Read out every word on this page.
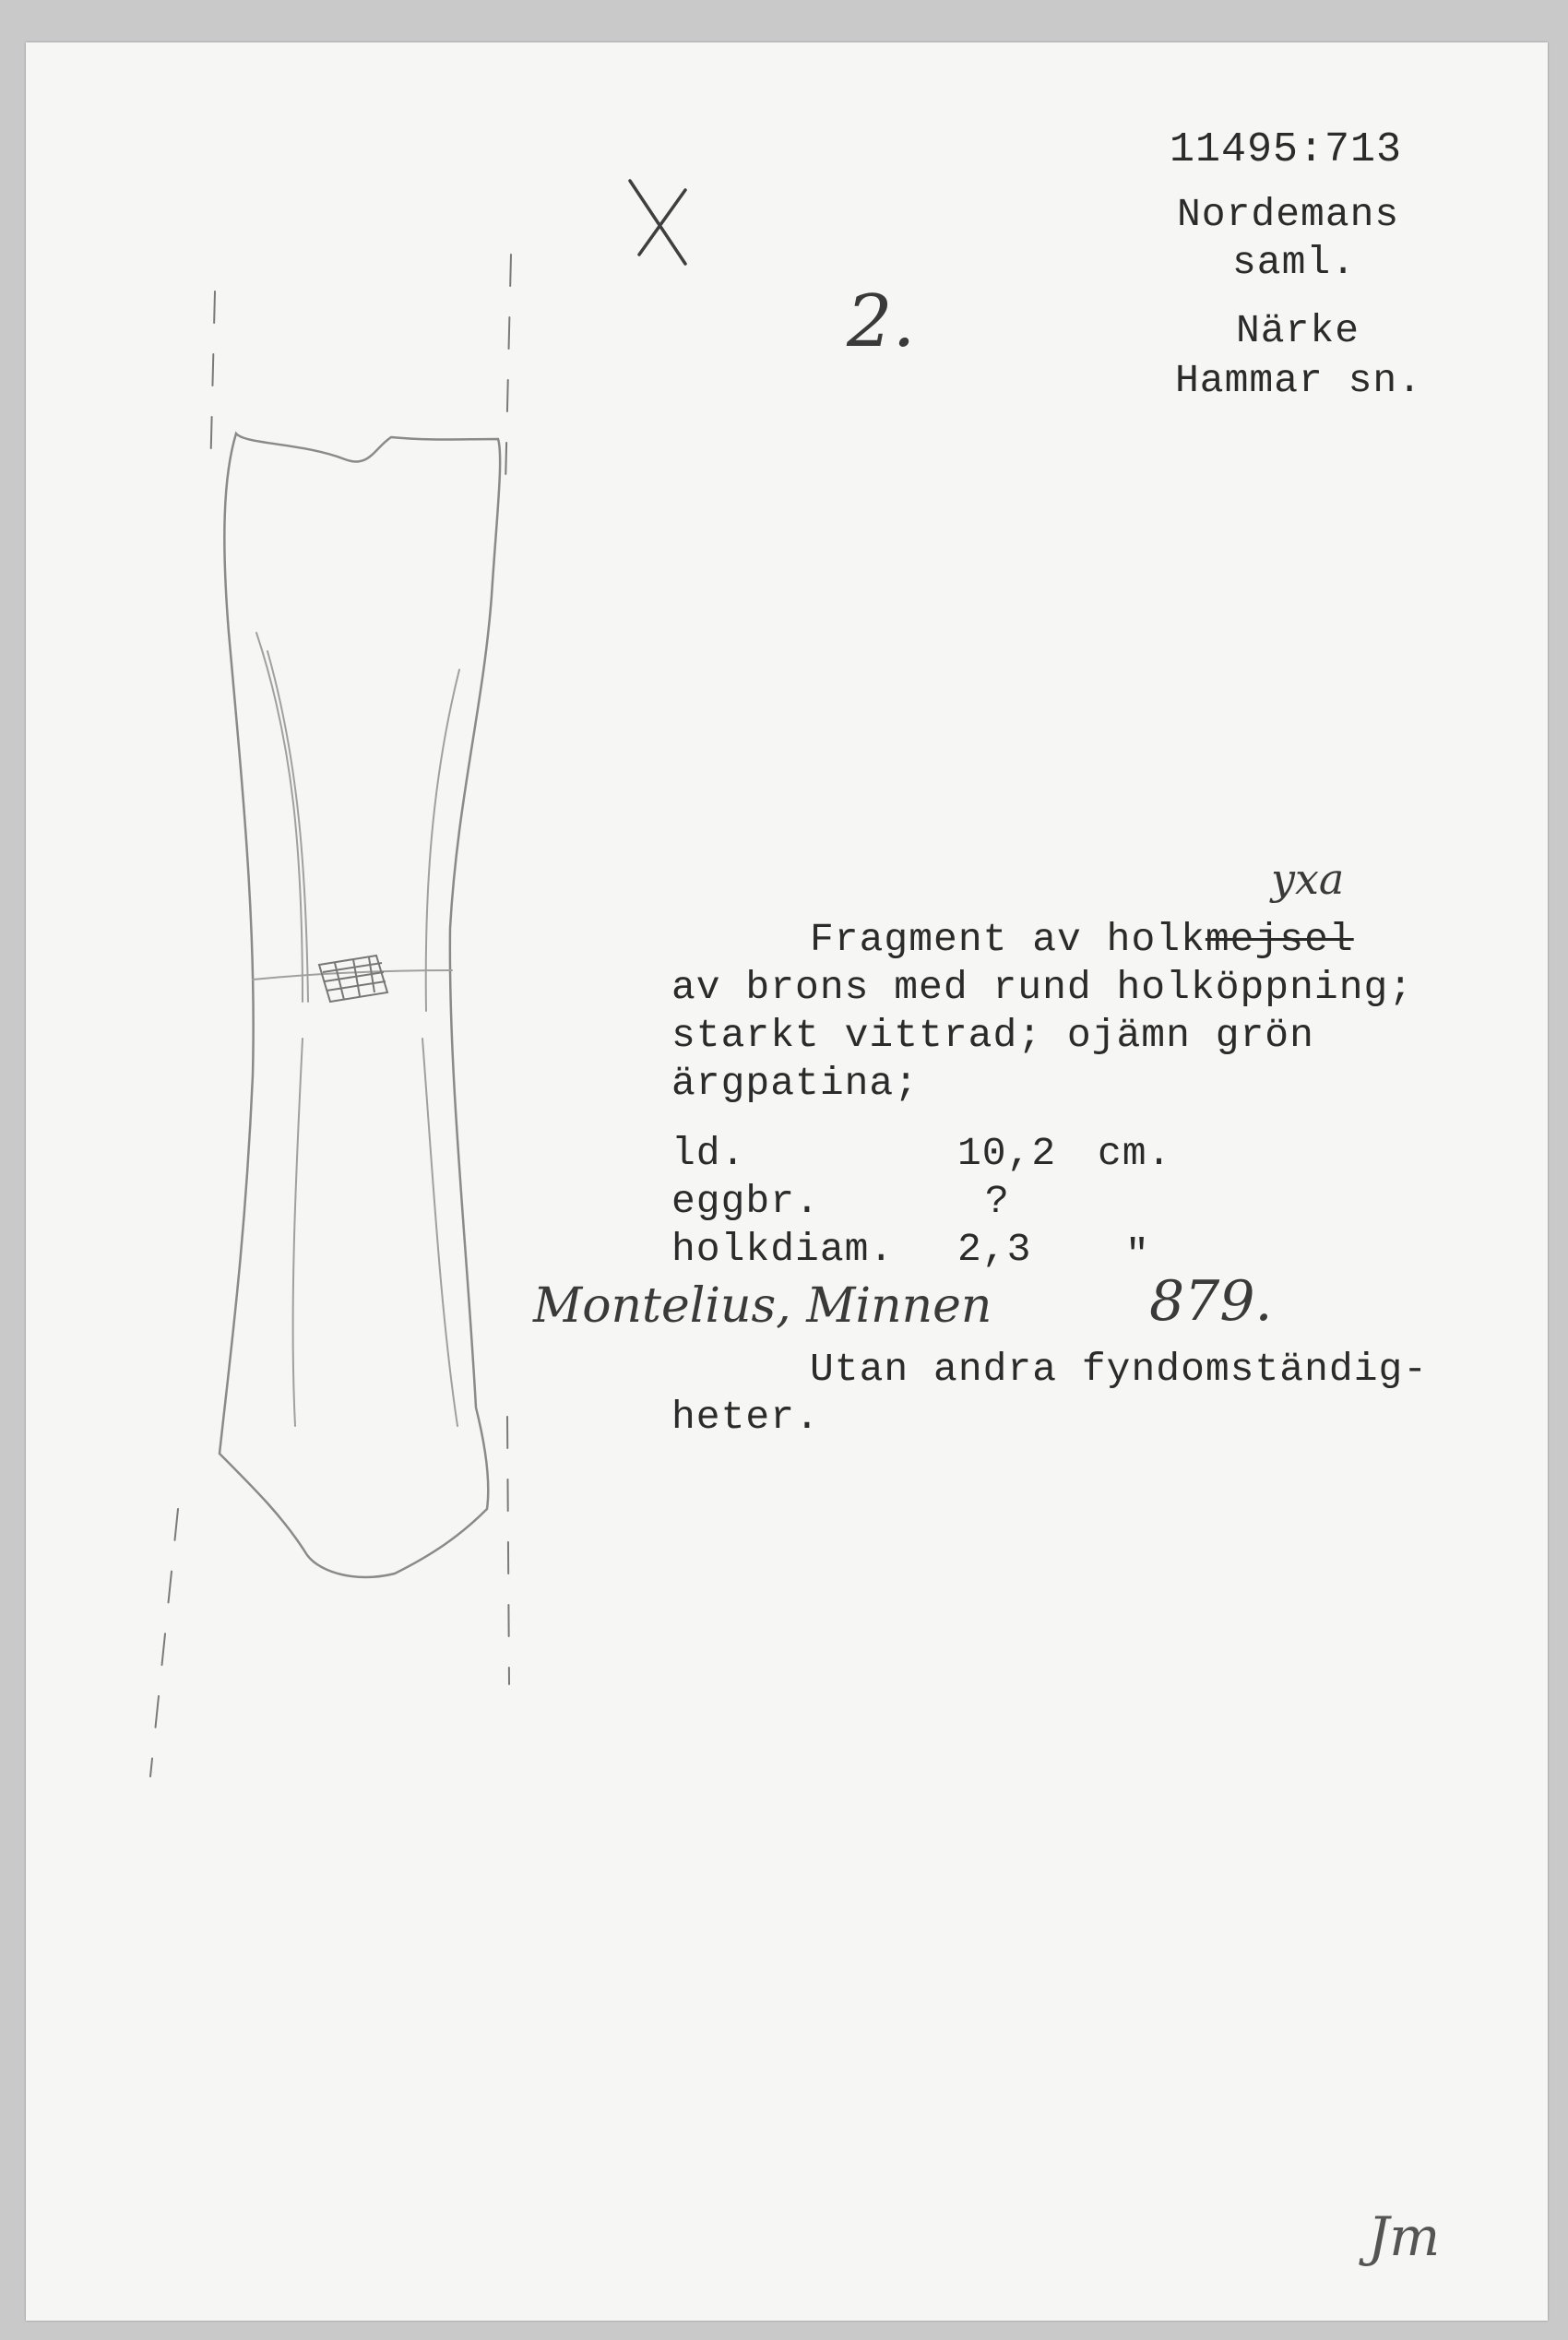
2.
11495:713
Nordemans
saml.
Närke
Hammar sn.
yxa
Fragment av holkmejsel
av brons med rund holköppning;
starkt vittrad; ojämn grön
ärgpatina;
ld.	10,2 cm.
eggbr.	?
holkdiam. 2,3 "
Montelius, Minnen	879.
Utan andra fyndomständig-
heter.
Jm
